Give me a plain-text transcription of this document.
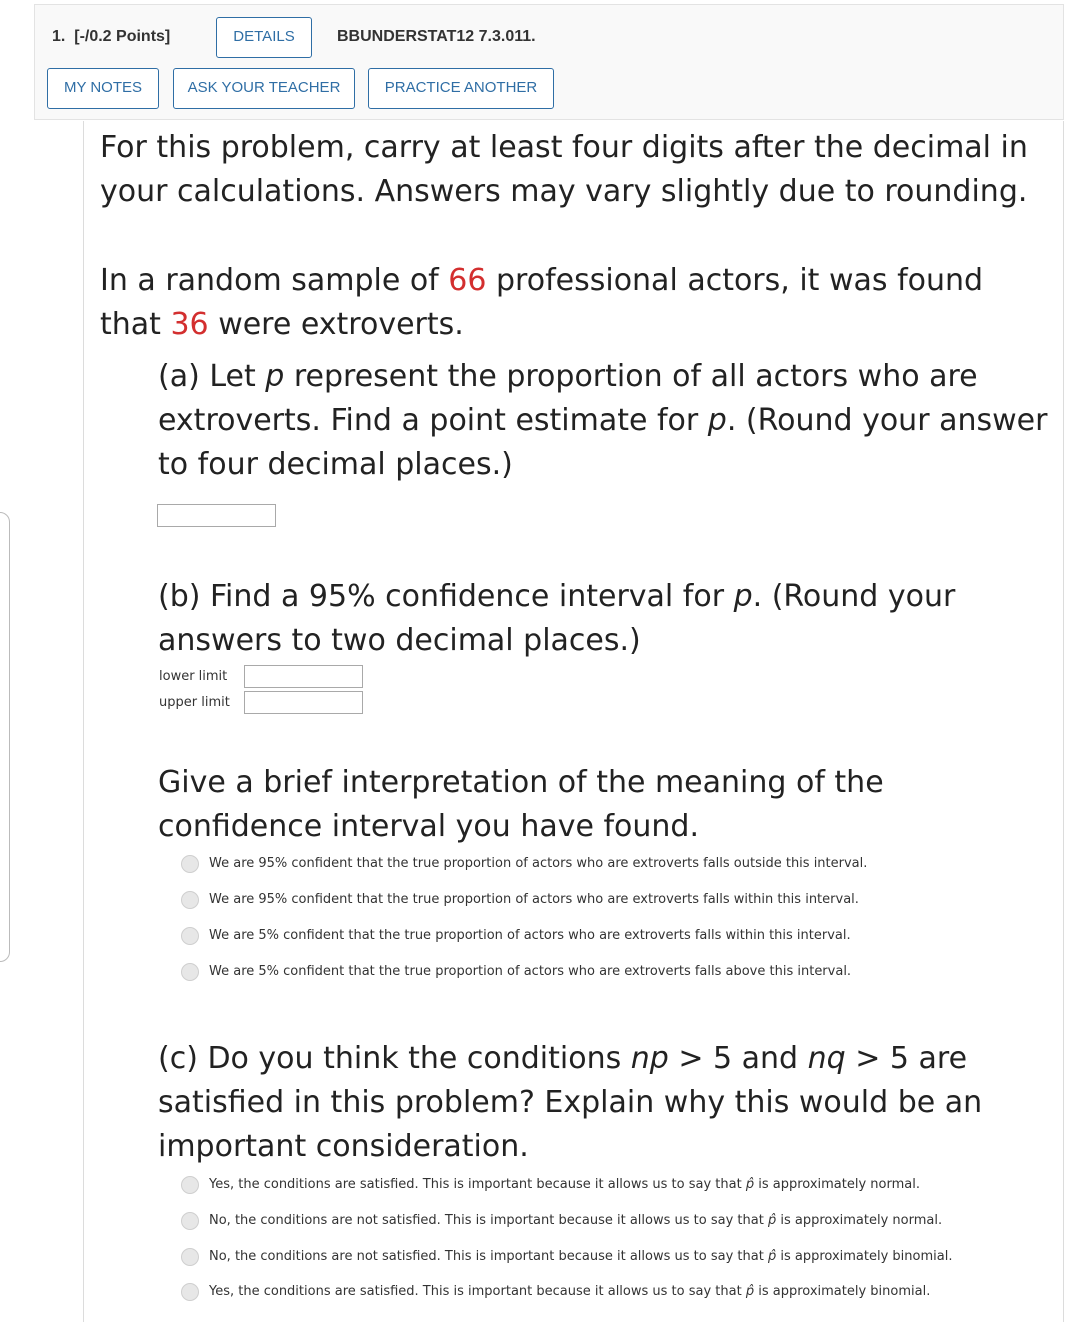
1. [-/0.2 Points]	DETAILS	BBUNDERSTAT12 7.3.011.
MY NOTES	ASK YOUR TEACHER	PRACTICE ANOTHER
For this problem, carry at least four digits after the decimal in
your calculations. Answers may vary slightly due to rounding.
In a random sample of 66 professional actors, it was found
that 36 were extroverts.
(a) Let p represent the proportion of all actors who are
extroverts. Find a point estimate for p. (Round your answer
to four decimal places.)
(b) Find a 95% confidence interval for p. (Round your
answers to two decimal places.)
lower limit
upper limit
Give a brief interpretation of the meaning of the
confidence interval you have found.
We are 95% confident that the true proportion of actors who are extroverts falls outside this interval.
We are 95% confident that the true proportion of actors who are extroverts falls within this interval.
We are 5% confident that the true proportion of actors who are extroverts falls within this interval.
We are 5% confident that the true proportion of actors who are extroverts falls above this interval.
(c) Do you think the conditions np > 5 and nq > 5 are
satisfied in this problem? Explain why this would be an
important consideration.
Yes, the conditions are satisfied. This is important because it allows us to say that p̂ is approximately normal.
No, the conditions are not satisfied. This is important because it allows us to say that p̂ is approximately normal.
No, the conditions are not satisfied. This is important because it allows us to say that p̂ is approximately binomial.
Yes, the conditions are satisfied. This is important because it allows us to say that p̂ is approximately binomial.
